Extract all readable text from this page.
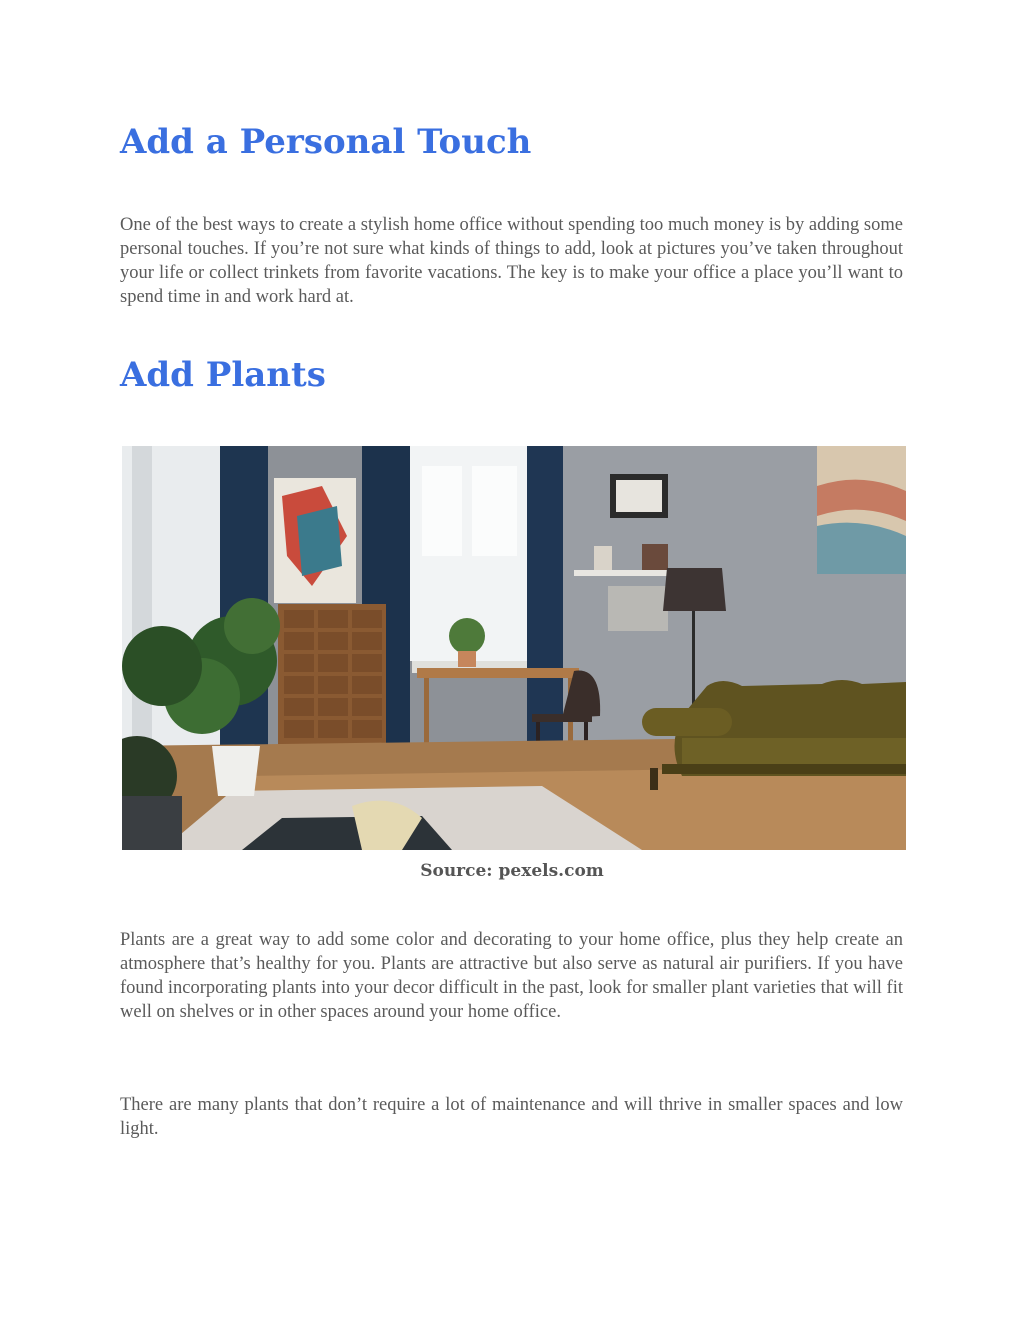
Add a Personal Touch

One of the best ways to create a stylish home office without spending too much money is by adding some personal touches. If you’re not sure what kinds of things to add, look at pictures you’ve taken throughout your life or collect trinkets from favorite vacations. The key is to make your office a place you’ll want to spend time in and work hard at.

Add Plants

Source: pexels.com

Plants are a great way to add some color and decorating to your home office, plus they help create an atmosphere that’s healthy for you. Plants are attractive but also serve as natural air purifiers. If you have found incorporating plants into your decor difficult in the past, look for smaller plant varieties that will fit well on shelves or in other spaces around your home office.

There are many plants that don’t require a lot of maintenance and will thrive in smaller spaces and low light.
